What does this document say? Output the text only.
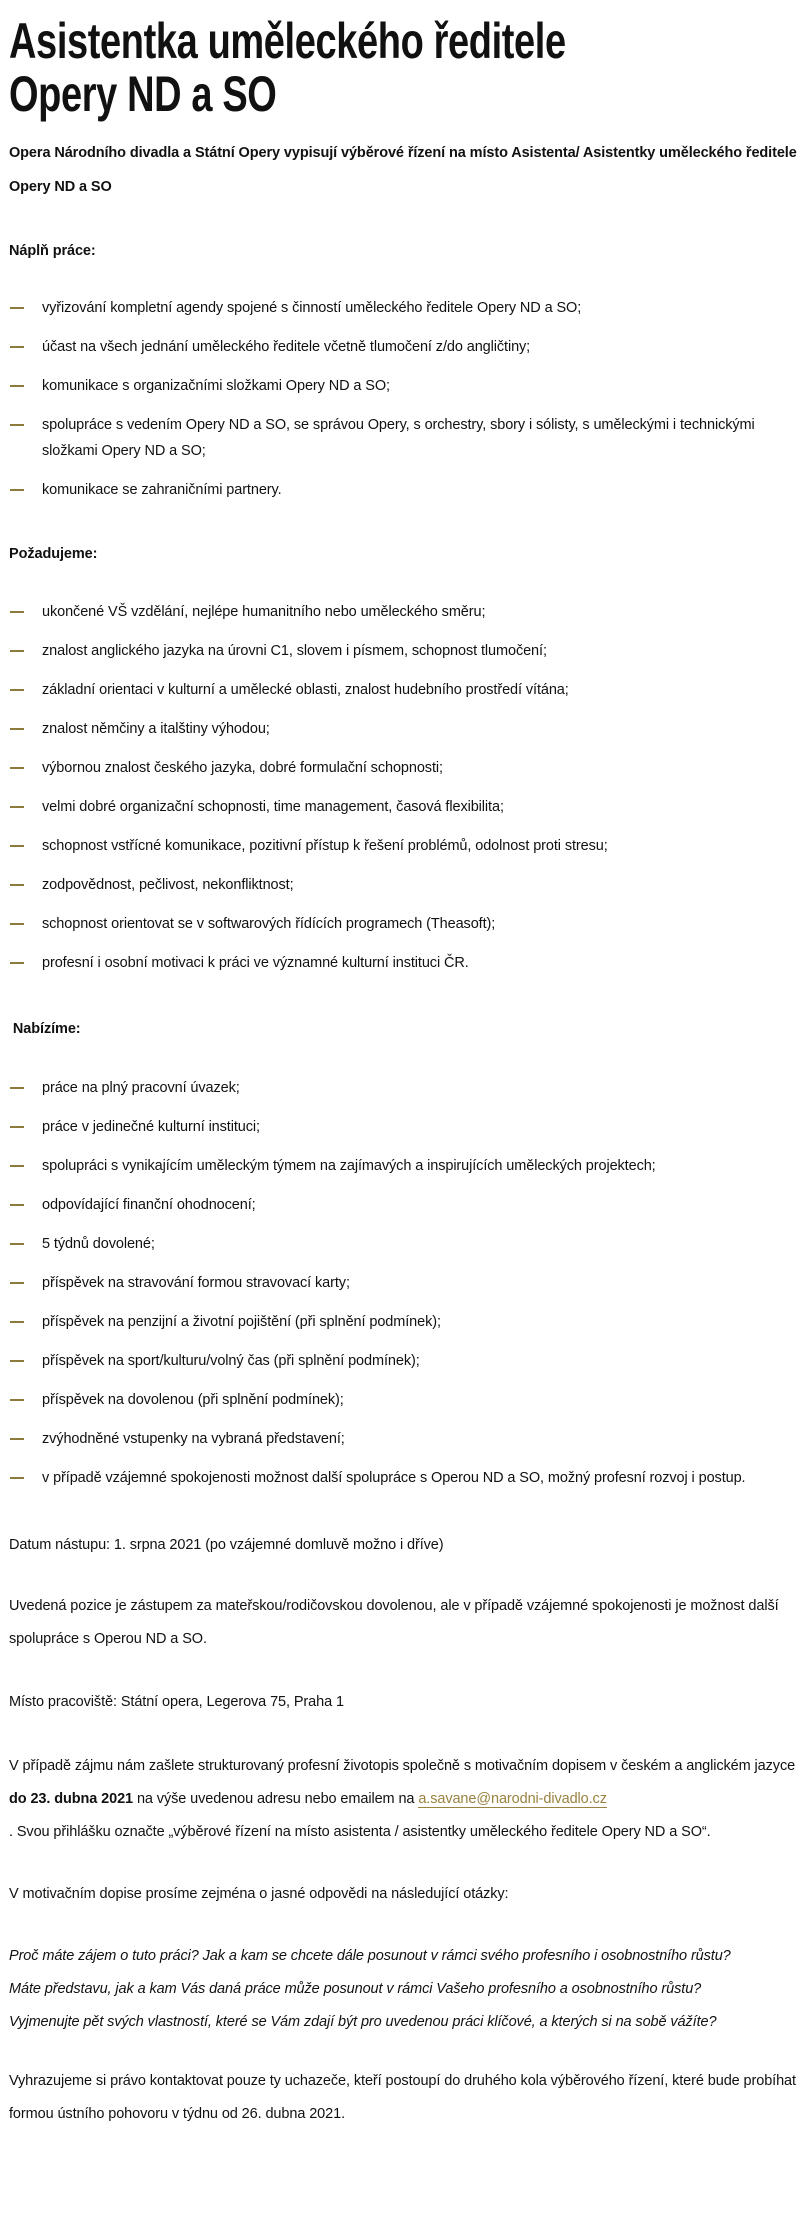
Asistentka uměleckého ředitele
Opery ND a SO
Opera Národního divadla a Státní Opery vypisují výběrové řízení na místo Asistenta/ Asistentky uměleckého ředitele Opery ND a SO
Náplň práce:
vyřizování kompletní agendy spojené s činností uměleckého ředitele Opery ND a SO;
účast na všech jednání uměleckého ředitele včetně tlumočení z/do angličtiny;
komunikace s organizačními složkami Opery ND a SO;
spolupráce s vedením Opery ND a SO, se správou Opery, s orchestry, sbory i sólisty, s uměleckými i technickými složkami Opery ND a SO;
komunikace se zahraničními partnery.
Požadujeme:
ukončené VŠ vzdělání, nejlépe humanitního nebo uměleckého směru;
znalost anglického jazyka na úrovni C1, slovem i písmem, schopnost tlumočení;
základní orientaci v kulturní a umělecké oblasti, znalost hudebního prostředí vítána;
znalost němčiny a italštiny výhodou;
výbornou znalost českého jazyka, dobré formulační schopnosti;
velmi dobré organizační schopnosti, time management, časová flexibilita;
schopnost vstřícné komunikace, pozitivní přístup k řešení problémů, odolnost proti stresu;
zodpovědnost, pečlivost, nekonfliktnost;
schopnost orientovat se v softwarových řídících programech (Theasoft);
profesní i osobní motivaci k práci ve významné kulturní instituci ČR.
Nabízíme:
práce na plný pracovní úvazek;
práce v jedinečné kulturní instituci;
spolupráci s vynikajícím uměleckým týmem na zajímavých a inspirujících uměleckých projektech;
odpovídající finanční ohodnocení;
5 týdnů dovolené;
příspěvek na stravování formou stravovací karty;
příspěvek na penzijní a životní pojištění (při splnění podmínek);
příspěvek na sport/kulturu/volný čas (při splnění podmínek);
příspěvek na dovolenou (při splnění podmínek);
zvýhodněné vstupenky na vybraná představení;
v případě vzájemné spokojenosti možnost další spolupráce s Operou ND a SO, možný profesní rozvoj i postup.

Datum nástupu: 1. srpna 2021 (po vzájemné domluvě možno i dříve)

Uvedená pozice je zástupem za mateřskou/rodičovskou dovolenou, ale v případě vzájemné spokojenosti je možnost další spolupráce s Operou ND a SO.

Místo pracoviště: Státní opera, Legerova 75, Praha 1

V případě zájmu nám zašlete strukturovaný profesní životopis společně s motivačním dopisem v českém a anglickém jazyce do 23. dubna 2021 na výše uvedenou adresu nebo emailem na a.savane@narodni-divadlo.cz
. Svou přihlášku označte „výběrové řízení na místo asistenta / asistentky uměleckého ředitele Opery ND a SO“.

V motivačním dopise prosíme zejména o jasné odpovědi na následující otázky:

Proč máte zájem o tuto práci? Jak a kam se chcete dále posunout v rámci svého profesního i osobnostního růstu?
Máte představu, jak a kam Vás daná práce může posunout v rámci Vašeho profesního a osobnostního růstu?
Vyjmenujte pět svých vlastností, které se Vám zdají být pro uvedenou práci klíčové, a kterých si na sobě vážíte?

Vyhrazujeme si právo kontaktovat pouze ty uchazeče, kteří postoupí do druhého kola výběrového řízení, které bude probíhat formou ústního pohovoru v týdnu od 26. dubna 2021.
